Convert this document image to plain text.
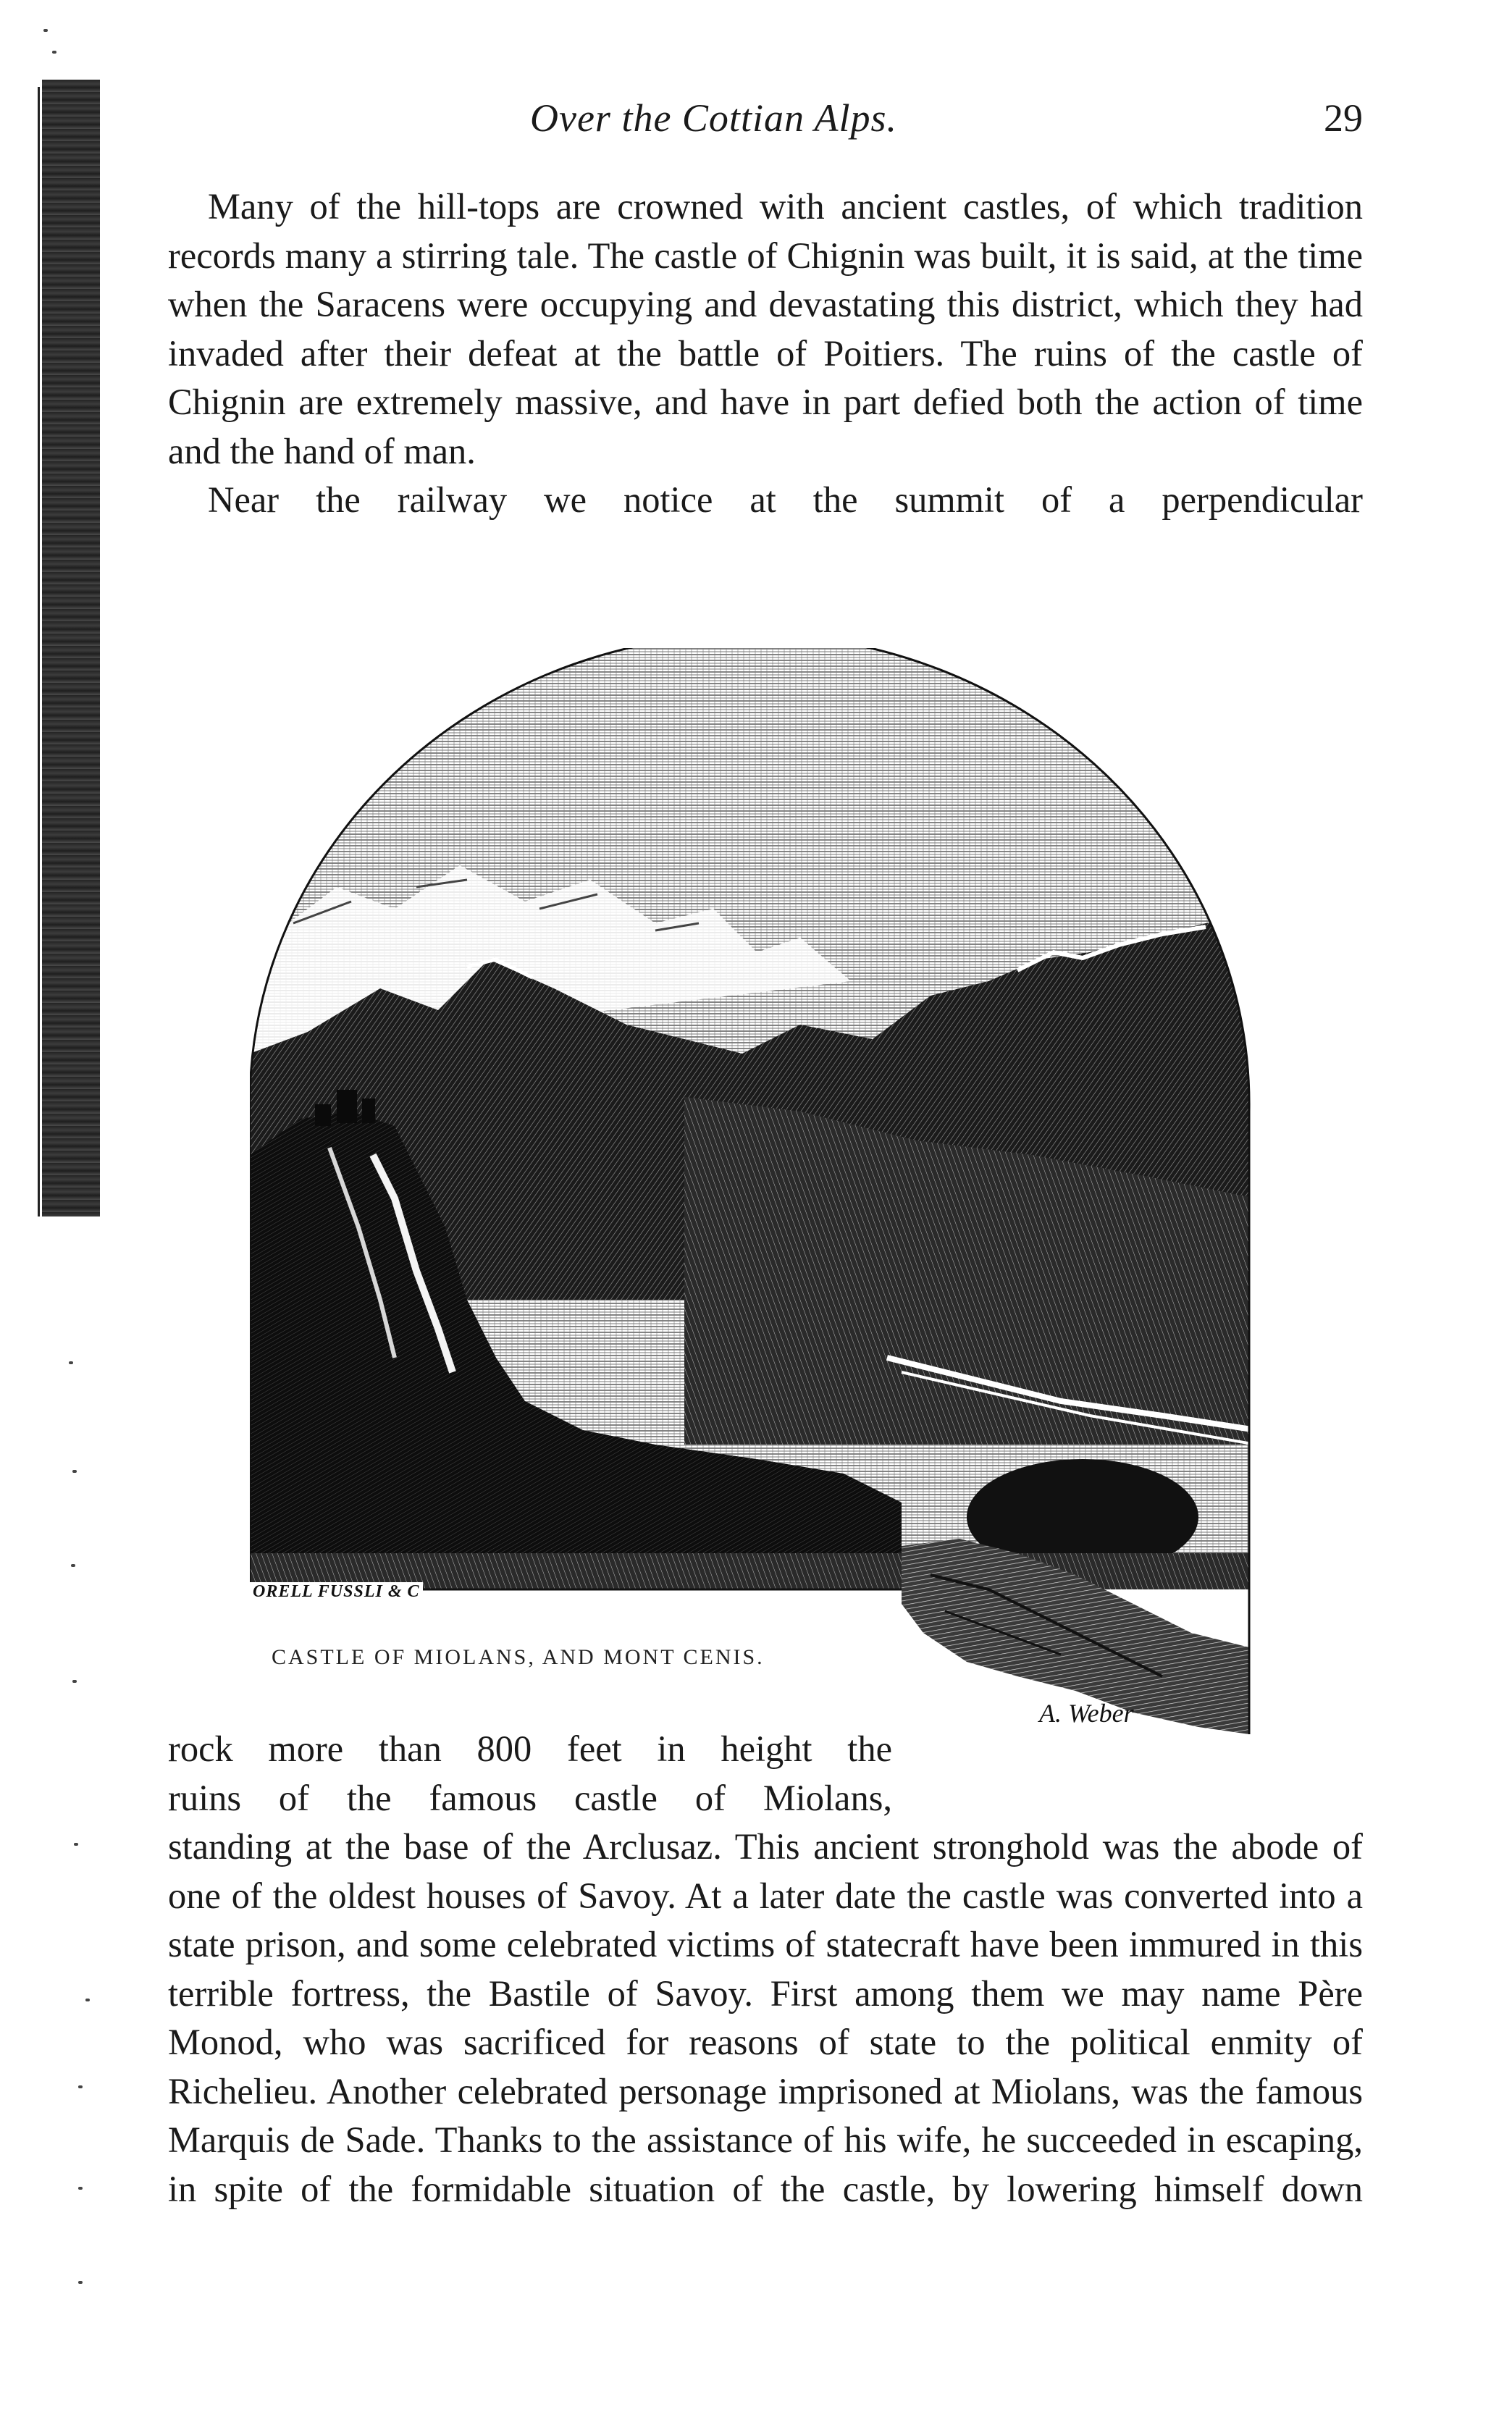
Over the Cottian Alps.	29

Many of the hill-tops are crowned with ancient castles, of which tradition records many a stirring tale. The castle of Chignin was built, it is said, at the time when the Saracens were occupying and devastating this district, which they had invaded after their defeat at the battle of Poitiers. The ruins of the castle of Chignin are extremely massive, and have in part defied both the action of time and the hand of man.

Near the railway we notice at the summit of a perpendicular

ORELL FUSSLI & C
A. Weber
CASTLE OF MIOLANS, AND MONT CENIS.

rock more than 800 feet in height the
ruins of the famous castle of Miolans,
standing at the base of the Arclusaz. This ancient stronghold was the abode of one of the oldest houses of Savoy. At a later date the castle was converted into a state prison, and some celebrated victims of statecraft have been immured in this terrible fortress, the Bastile of Savoy. First among them we may name Père Monod, who was sacrificed for reasons of state to the political enmity of Richelieu. Another celebrated personage imprisoned at Miolans, was the famous Marquis de Sade. Thanks to the assistance of his wife, he succeeded in escaping, in spite of the formidable situation of the castle, by lowering himself down
